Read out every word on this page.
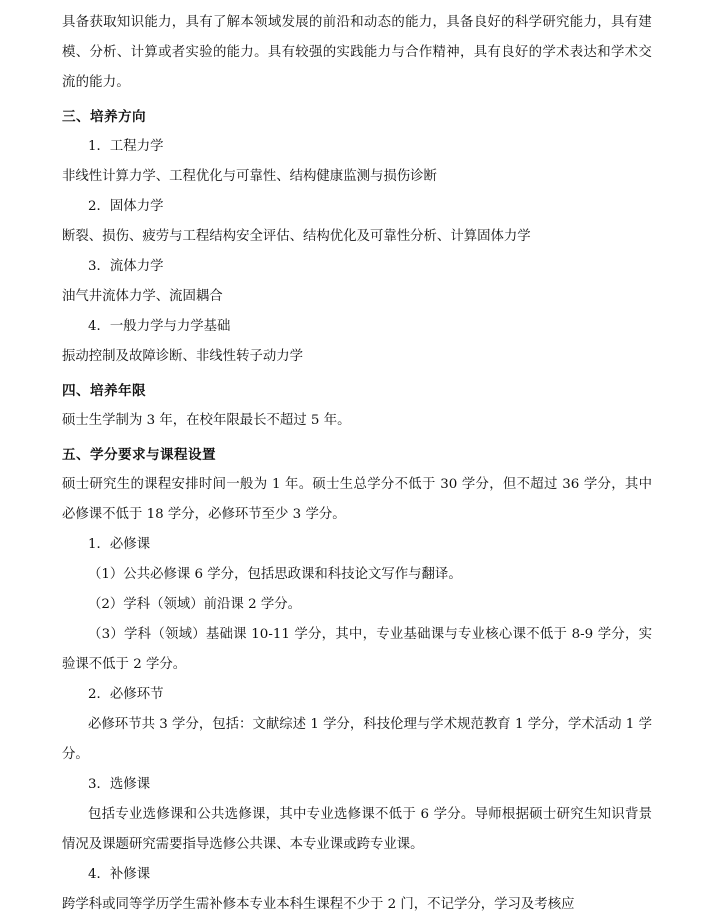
具备获取知识能力，具有了解本领域发展的前沿和动态的能力，具备良好的科学研究能力，具有建模、分析、计算或者实验的能力。具有较强的实践能力与合作精神，具有良好的学术表达和学术交流的能力。

三、培养方向

1．工程力学

非线性计算力学、工程优化与可靠性、结构健康监测与损伤诊断

2．固体力学

断裂、损伤、疲劳与工程结构安全评估、结构优化及可靠性分析、计算固体力学

3．流体力学

油气井流体力学、流固耦合

4．一般力学与力学基础

振动控制及故障诊断、非线性转子动力学

四、培养年限

硕士生学制为 3 年，在校年限最长不超过 5 年。

五、学分要求与课程设置

硕士研究生的课程安排时间一般为 1 年。硕士生总学分不低于 30 学分，但不超过 36 学分，其中必修课不低于 18 学分，必修环节至少 3 学分。

1．必修课

（1）公共必修课 6 学分，包括思政课和科技论文写作与翻译。

（2）学科（领域）前沿课 2 学分。

（3）学科（领域）基础课 10-11 学分，其中，专业基础课与专业核心课不低于 8-9 学分，实验课不低于 2 学分。

2．必修环节

必修环节共 3 学分，包括：文献综述 1 学分，科技伦理与学术规范教育 1 学分，学术活动 1 学分。

3．选修课

包括专业选修课和公共选修课，其中专业选修课不低于 6 学分。导师根据硕士研究生知识背景情况及课题研究需要指导选修公共课、本专业课或跨专业课。

4．补修课

跨学科或同等学历学生需补修本专业本科生课程不少于 2 门，不记学分，学习及考核应
